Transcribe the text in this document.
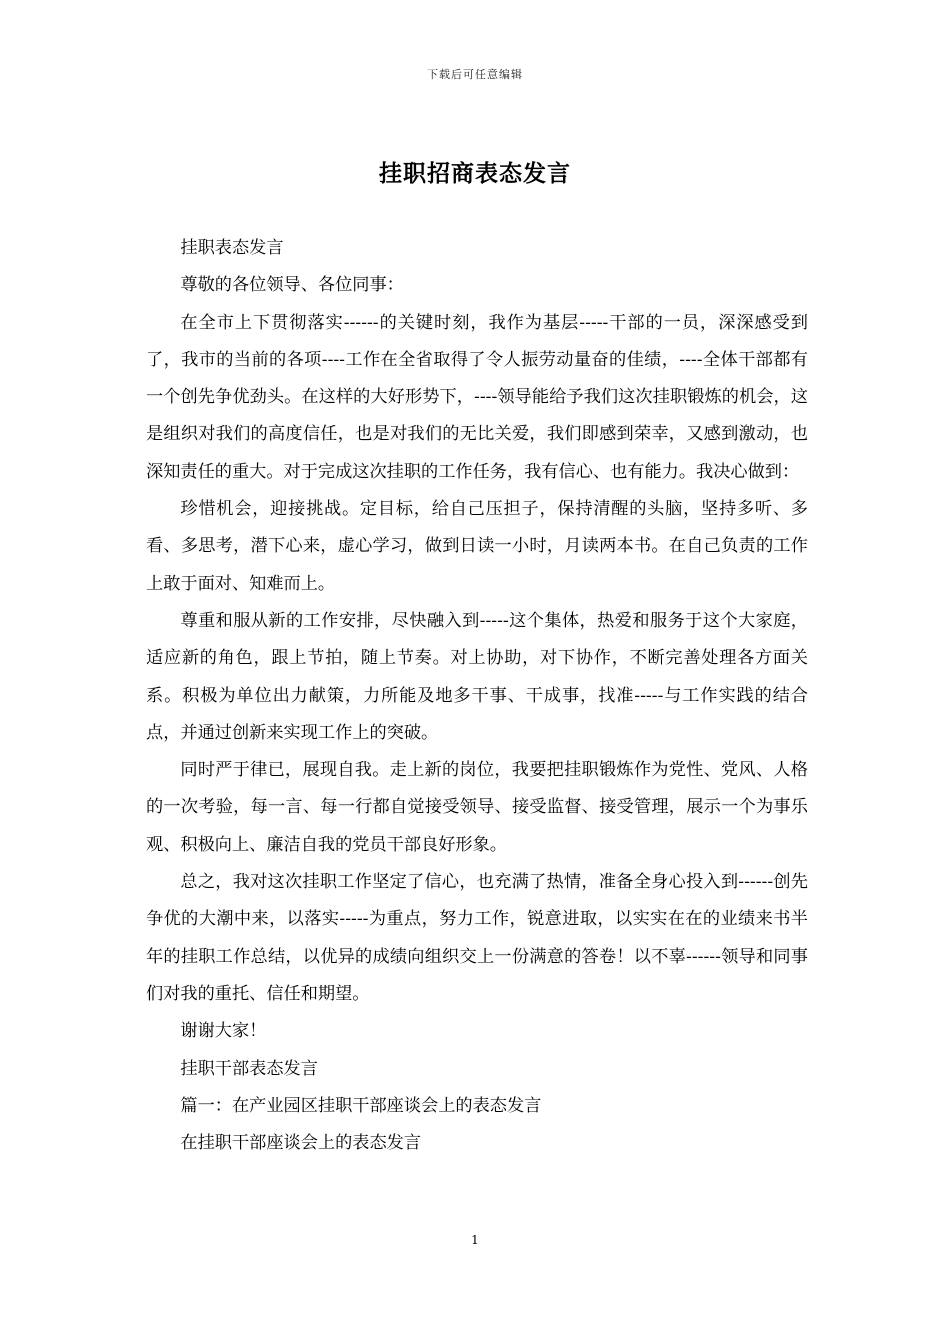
下载后可任意编辑
挂职招商表态发言

挂职表态发言

尊敬的各位领导、各位同事：

在全市上下贯彻落实------的关键时刻，我作为基层-----干部的一员，深深感受到了，我市的当前的各项----工作在全省取得了令人振劳动量奋的佳绩，----全体干部都有一个创先争优劲头。在这样的大好形势下，----领导能给予我们这次挂职锻炼的机会，这是组织对我们的高度信任，也是对我们的无比关爱，我们即感到荣幸，又感到激动，也深知责任的重大。对于完成这次挂职的工作任务，我有信心、也有能力。我决心做到：

珍惜机会，迎接挑战。定目标，给自己压担子，保持清醒的头脑，坚持多听、多看、多思考，潜下心来，虚心学习，做到日读一小时，月读两本书。在自己负责的工作上敢于面对、知难而上。

尊重和服从新的工作安排，尽快融入到-----这个集体，热爱和服务于这个大家庭，适应新的角色，跟上节拍，随上节奏。对上协助，对下协作，不断完善处理各方面关系。积极为单位出力献策，力所能及地多干事、干成事，找准-----与工作实践的结合点，并通过创新来实现工作上的突破。

同时严于律已，展现自我。走上新的岗位，我要把挂职锻炼作为党性、党风、人格的一次考验，每一言、每一行都自觉接受领导、接受监督、接受管理，展示一个为事乐观、积极向上、廉洁自我的党员干部良好形象。

总之，我对这次挂职工作坚定了信心，也充满了热情，准备全身心投入到------创先争优的大潮中来，以落实-----为重点，努力工作，锐意进取，以实实在在的业绩来书半年的挂职工作总结，以优异的成绩向组织交上一份满意的答卷！以不辜------领导和同事们对我的重托、信任和期望。

谢谢大家！

挂职干部表态发言

篇一：在产业园区挂职干部座谈会上的表态发言

在挂职干部座谈会上的表态发言

1
